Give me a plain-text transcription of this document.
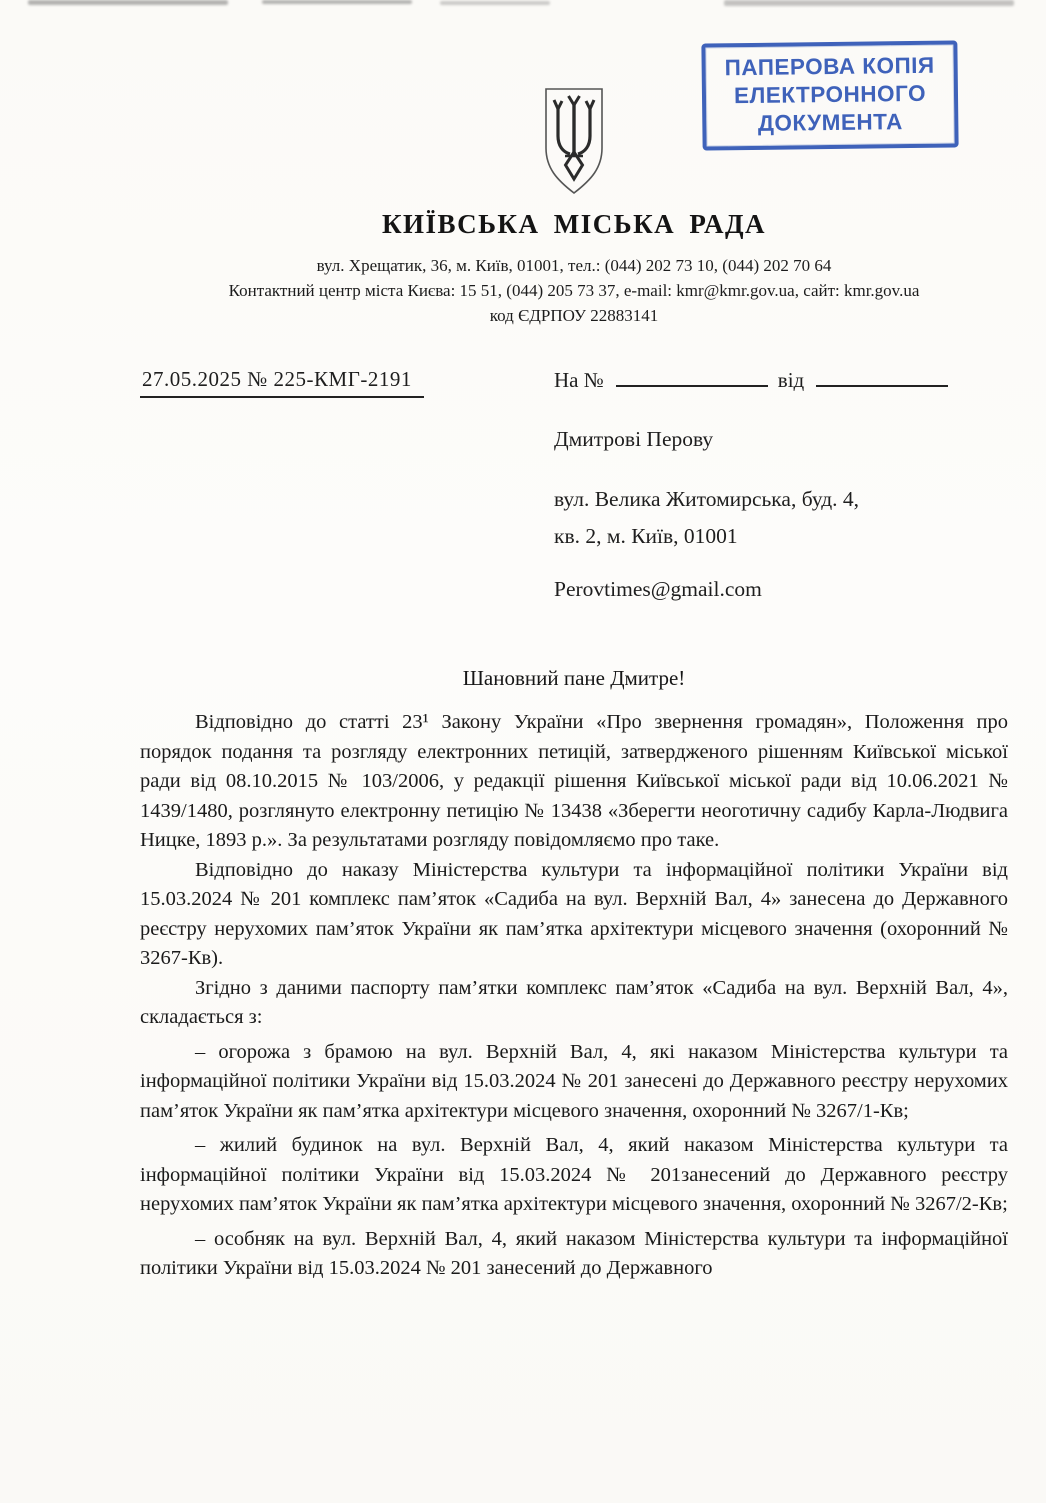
ПАПЕРОВА КОПІЯ
ЕЛЕКТРОННОГО
ДОКУМЕНТА
КИЇВСЬКА МІСЬКА РАДА
вул. Хрещатик, 36, м. Київ, 01001, тел.: (044) 202 73 10, (044) 202 70 64
Контактний центр міста Києва: 15 51, (044) 205 73 37, e-mail: kmr@kmr.gov.ua, сайт: kmr.gov.ua
код ЄДРПОУ 22883141
27.05.2025 № 225-КМГ-2191	На №	від
Дмитрові Перову
вул. Велика Житомирська, буд. 4,
кв. 2, м. Київ, 01001
Perovtimes@gmail.com
Шановний пане Дмитре!

Відповідно до статті 23¹ Закону України «Про звернення громадян», Положення про порядок подання та розгляду електронних петицій, затвердженого рішенням Київської міської ради від 08.10.2015 № 103/2006, у редакції рішення Київської міської ради від 10.06.2021 № 1439/1480, розглянуто електронну петицію № 13438 «Зберегти неоготичну садибу Карла-Людвига Ницке, 1893 р.». За результатами розгляду повідомляємо про таке.

Відповідно до наказу Міністерства культури та інформаційної політики України від 15.03.2024 № 201 комплекс пам’яток «Садиба на вул. Верхній Вал, 4» занесена до Державного реєстру нерухомих пам’яток України як пам’ятка архітектури місцевого значення (охоронний № 3267-Кв).

Згідно з даними паспорту пам’ятки комплекс пам’яток «Садиба на вул. Верхній Вал, 4», складається з:

– огорожа з брамою на вул. Верхній Вал, 4, які наказом Міністерства культури та інформаційної політики України від 15.03.2024 № 201 занесені до Державного реєстру нерухомих пам’яток України як пам’ятка архітектури місцевого значення, охоронний № 3267/1-Кв;

– жилий будинок на вул. Верхній Вал, 4, який наказом Міністерства культури та інформаційної політики України від 15.03.2024 № 201занесений до Державного реєстру нерухомих пам’яток України як пам’ятка архітектури місцевого значення, охоронний № 3267/2-Кв;

– особняк на вул. Верхній Вал, 4, який наказом Міністерства культури та інформаційної політики України від 15.03.2024 № 201 занесений до Державного
